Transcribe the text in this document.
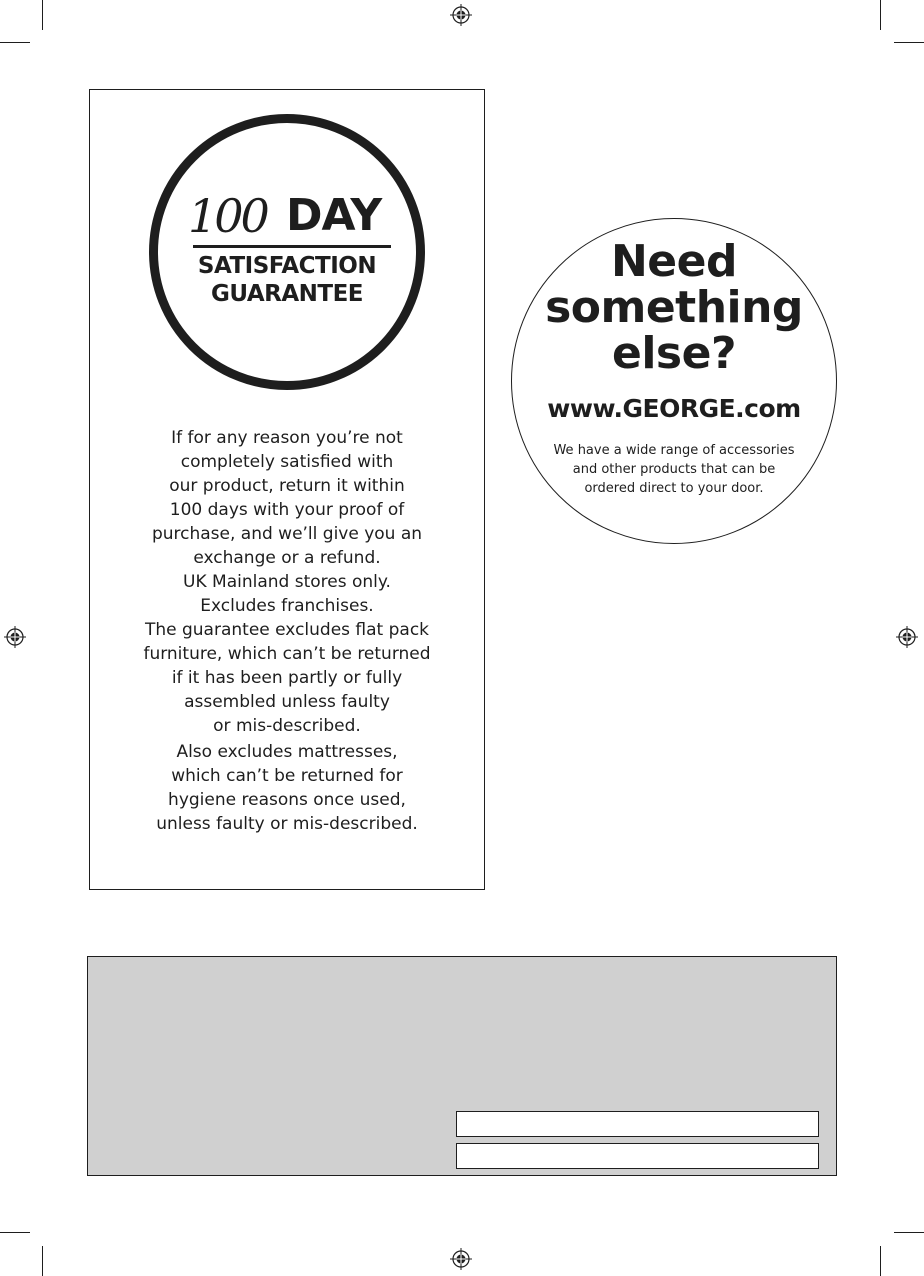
100 DAY
SATISFACTION
GUARANTEE

If for any reason you’re not
completely satisfied with
our product, return it within
100 days with your proof of
purchase, and we’ll give you an
exchange or a refund.
UK Mainland stores only.
Excludes franchises.
The guarantee excludes flat pack
furniture, which can’t be returned
if it has been partly or fully
assembled unless faulty
or mis-described.

Also excludes mattresses,
which can’t be returned for
hygiene reasons once used,
unless faulty or mis-described.

Need
something
else?
www.GEORGE.com
We have a wide range of accessories
and other products that can be
ordered direct to your door.
